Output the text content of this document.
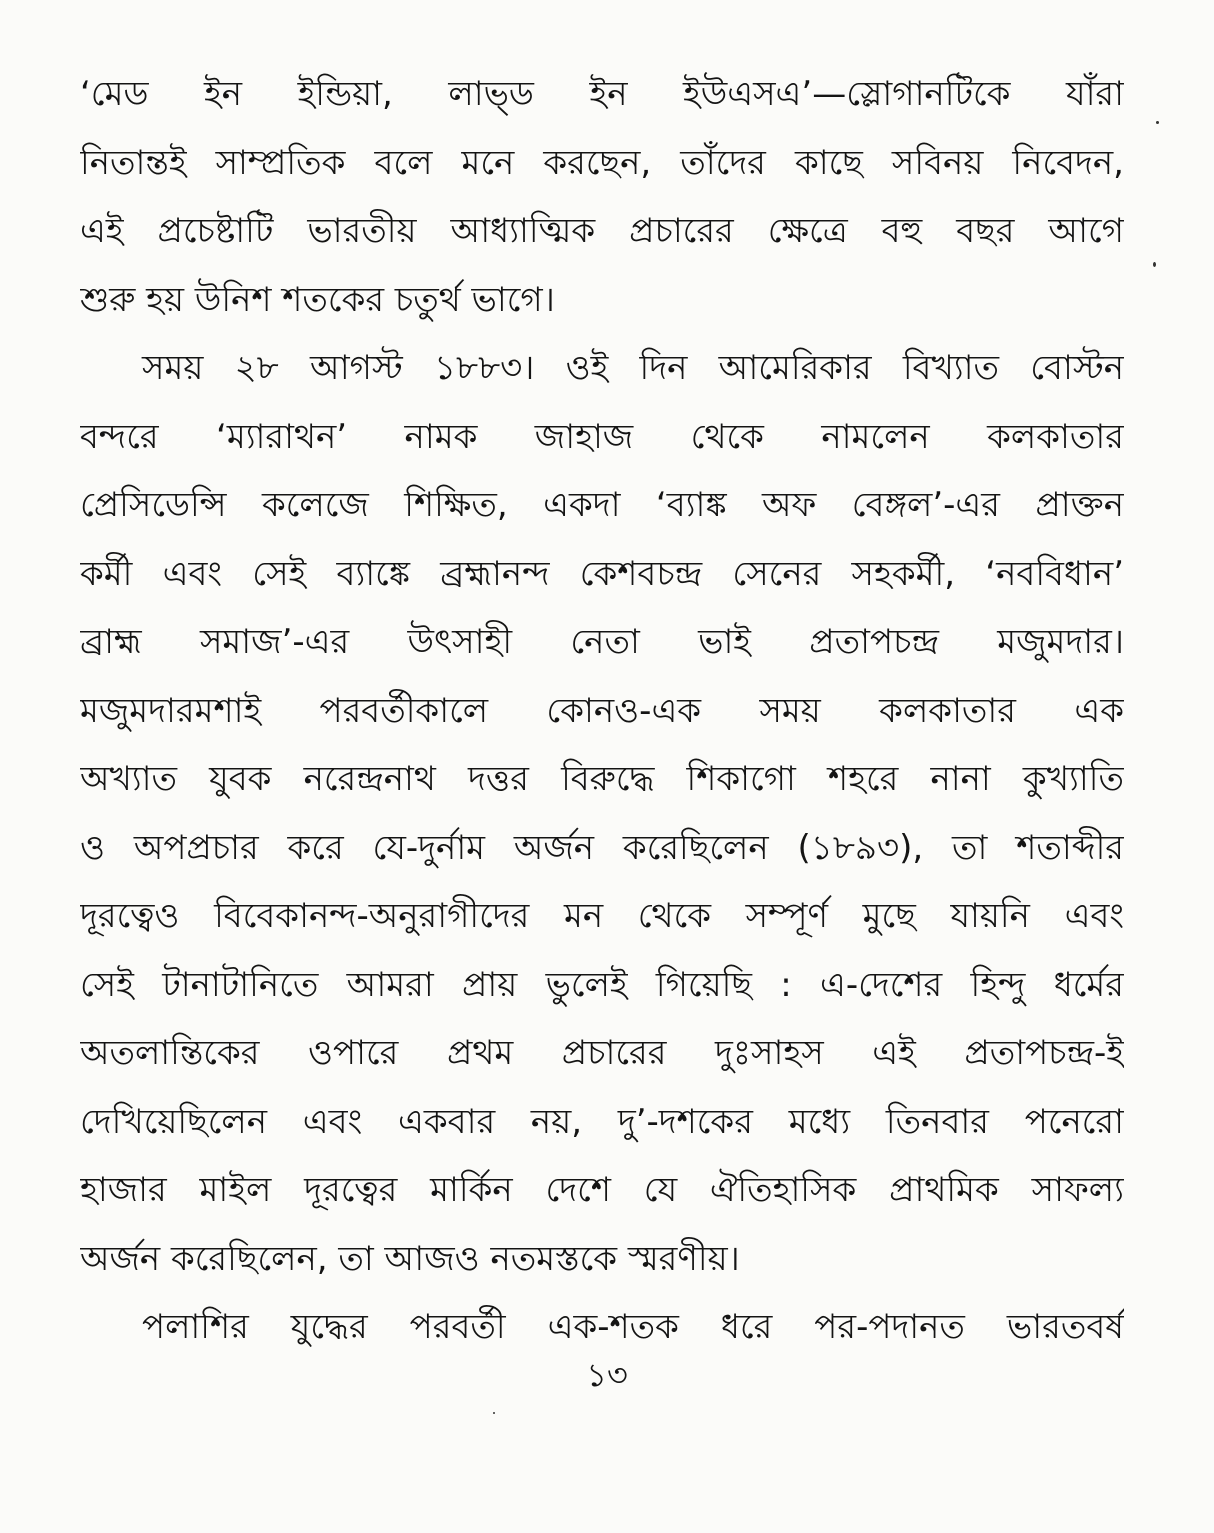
‘মেড ইন ইন্ডিয়া, লাভ্ড ইন ইউএসএ’—স্লোগানটিকে যাঁরা
নিতান্তই সাম্প্রতিক বলে মনে করছেন, তাঁদের কাছে সবিনয় নিবেদন,
এই প্রচেষ্টাটি ভারতীয় আধ্যাত্মিক প্রচারের ক্ষেত্রে বহু বছর আগে
শুরু হয় উনিশ শতকের চতুর্থ ভাগে।
সময় ২৮ আগস্ট ১৮৮৩। ওই দিন আমেরিকার বিখ্যাত বোস্টন
বন্দরে ‘ম্যারাথন’ নামক জাহাজ থেকে নামলেন কলকাতার
প্রেসিডেন্সি কলেজে শিক্ষিত, একদা ‘ব্যাঙ্ক অফ বেঙ্গল’-এর প্রাক্তন
কর্মী এবং সেই ব্যাঙ্কে ব্রহ্মানন্দ কেশবচন্দ্র সেনের সহকর্মী, ‘নববিধান’
ব্রাহ্ম সমাজ’-এর উৎসাহী নেতা ভাই প্রতাপচন্দ্র মজুমদার।
মজুমদারমশাই পরবর্তীকালে কোনও-এক সময় কলকাতার এক
অখ্যাত যুবক নরেন্দ্রনাথ দত্তর বিরুদ্ধে শিকাগো শহরে নানা কুখ্যাতি
ও অপপ্রচার করে যে-দুর্নাম অর্জন করেছিলেন (১৮৯৩), তা শতাব্দীর
দূরত্বেও বিবেকানন্দ-অনুরাগীদের মন থেকে সম্পূর্ণ মুছে যায়নি এবং
সেই টানাটানিতে আমরা প্রায় ভুলেই গিয়েছি : এ-দেশের হিন্দু ধর্মের
অতলান্তিকের ওপারে প্রথম প্রচারের দুঃসাহস এই প্রতাপচন্দ্র-ই
দেখিয়েছিলেন এবং একবার নয়, দু’-দশকের মধ্যে তিনবার পনেরো
হাজার মাইল দূরত্বের মার্কিন দেশে যে ঐতিহাসিক প্রাথমিক সাফল্য
অর্জন করেছিলেন, তা আজও নতমস্তকে স্মরণীয়।
পলাশির যুদ্ধের পরবর্তী এক-শতক ধরে পর-পদানত ভারতবর্ষ
১৩
